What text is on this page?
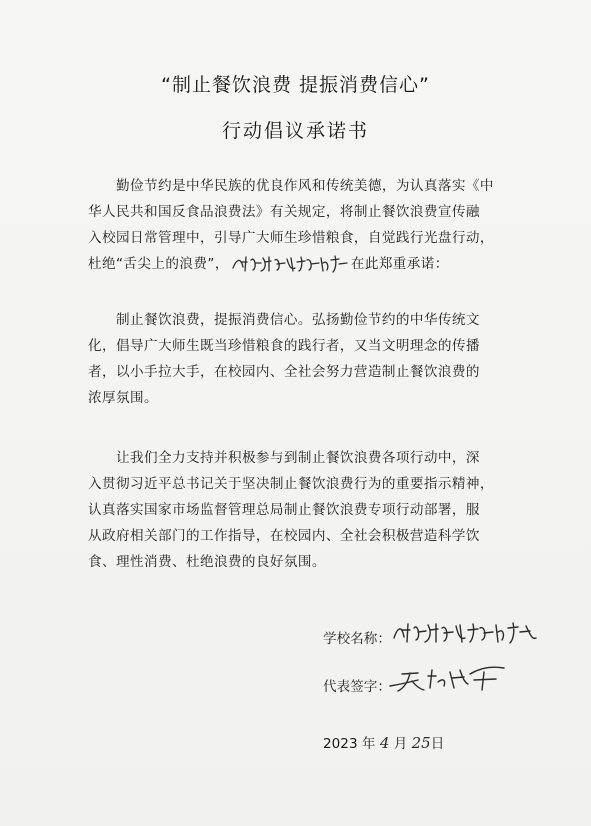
“制止餐饮浪费 提振消费信心”
行动倡议承诺书
勤俭节约是中华民族的优良作风和传统美德，为认真落实《中
华人民共和国反食品浪费法》有关规定，将制止餐饮浪费宣传融
入校园日常管理中，引导广大师生珍惜粮食，自觉践行光盘行动，
杜绝“舌尖上的浪费”，	在此郑重承诺：
制止餐饮浪费，提振消费信心。弘扬勤俭节约的中华传统文
化，倡导广大师生既当珍惜粮食的践行者，又当文明理念的传播
者，以小手拉大手，在校园内、全社会努力营造制止餐饮浪费的
浓厚氛围。
让我们全力支持并积极参与到制止餐饮浪费各项行动中，深
入贯彻习近平总书记关于坚决制止餐饮浪费行为的重要指示精神，
认真落实国家市场监督管理总局制止餐饮浪费专项行动部署，服
从政府相关部门的工作指导，在校园内、全社会积极营造科学饮
食、理性消费、杜绝浪费的良好氛围。
学校名称：
代表签字：
2023 年 4 月 25日
